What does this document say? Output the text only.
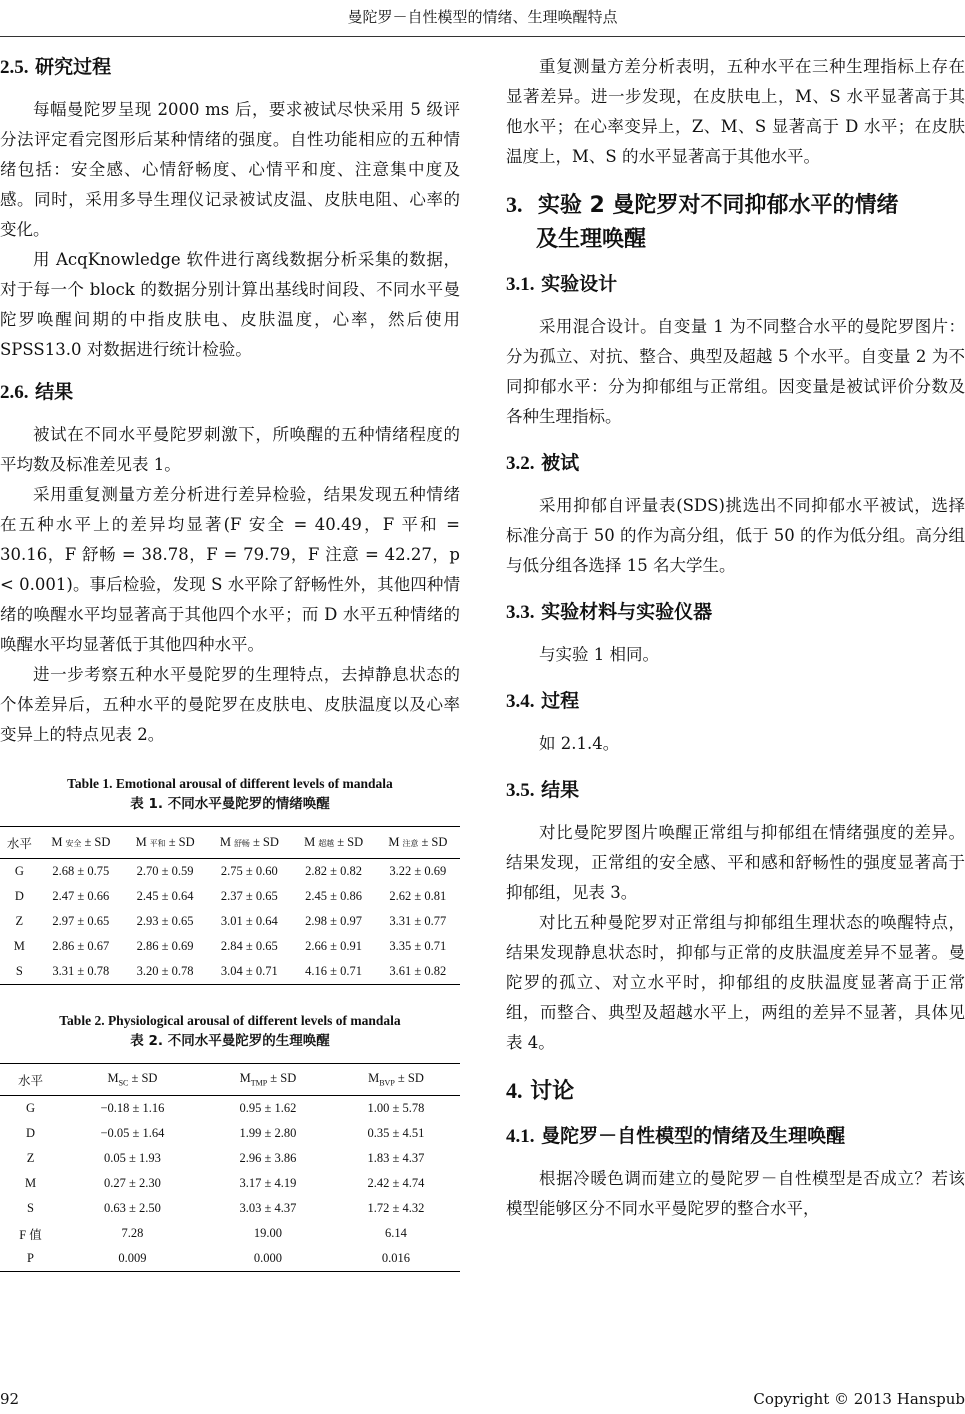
曼陀罗－自性模型的情绪、生理唤醒特点
2.5. 研究过程

每幅曼陀罗呈现 2000 ms 后，要求被试尽快采用 5 级评分法评定看完图形后某种情绪的强度。自性功能相应的五种情绪包括：安全感、心情舒畅度、心情平和度、注意集中度及感。同时，采用多导生理仪记录被试皮温、皮肤电阻、心率的变化。

用 AcqKnowledge 软件进行离线数据分析采集的数据，对于每一个 block 的数据分别计算出基线时间段、不同水平曼陀罗唤醒间期的中指皮肤电、皮肤温度，心率，然后使用 SPSS13.0 对数据进行统计检验。

2.6. 结果

被试在不同水平曼陀罗刺激下，所唤醒的五种情绪程度的平均数及标准差见表 1。

采用重复测量方差分析进行差异检验，结果发现五种情绪在五种水平上的差异均显著(F 安全 = 40.49，F 平和 = 30.16，F 舒畅 = 38.78，F = 79.79，F 注意 = 42.27，p < 0.001)。事后检验，发现 S 水平除了舒畅性外，其他四种情绪的唤醒水平均显著高于其他四个水平；而 D 水平五种情绪的唤醒水平均显著低于其他四种水平。

进一步考察五种水平曼陀罗的生理特点，去掉静息状态的个体差异后，五种水平的曼陀罗在皮肤电、皮肤温度以及心率变异上的特点见表 2。

Table 1. Emotional arousal of different levels of mandala
表 1. 不同水平曼陀罗的情绪唤醒
水平	M 安全 ± SD	M 平和 ± SD	M 舒畅 ± SD	M 超越 ± SD	M 注意 ± SD
G	2.68 ± 0.75	2.70 ± 0.59	2.75 ± 0.60	2.82 ± 0.82	3.22 ± 0.69
D	2.47 ± 0.66	2.45 ± 0.64	2.37 ± 0.65	2.45 ± 0.86	2.62 ± 0.81
Z	2.97 ± 0.65	2.93 ± 0.65	3.01 ± 0.64	2.98 ± 0.97	3.31 ± 0.77
M	2.86 ± 0.67	2.86 ± 0.69	2.84 ± 0.65	2.66 ± 0.91	3.35 ± 0.71
S	3.31 ± 0.78	3.20 ± 0.78	3.04 ± 0.71	4.16 ± 0.71	3.61 ± 0.82
Table 2. Physiological arousal of different levels of mandala
表 2. 不同水平曼陀罗的生理唤醒
水平	$M_{SC}$ ± SD	$M_{TMP}$ ± SD	$M_{BVP}$ ± SD
G	−0.18 ± 1.16	0.95 ± 1.62	1.00 ± 5.78
D	−0.05 ± 1.64	1.99 ± 2.80	0.35 ± 4.51
Z	0.05 ± 1.93	2.96 ± 3.86	1.83 ± 4.37
M	0.27 ± 2.30	3.17 ± 4.19	2.42 ± 4.74
S	0.63 ± 2.50	3.03 ± 4.37	1.72 ± 4.32
F 值	7.28	19.00	6.14
P	0.009	0.000	0.016

重复测量方差分析表明，五种水平在三种生理指标上存在显著差异。进一步发现，在皮肤电上，M、S 水平显著高于其他水平；在心率变异上，Z、M、S 显著高于 D 水平；在皮肤温度上，M、S 的水平显著高于其他水平。

3. 实验 2 曼陀罗对不同抑郁水平的情绪
及生理唤醒
3.1. 实验设计

采用混合设计。自变量 1 为不同整合水平的曼陀罗图片：分为孤立、对抗、整合、典型及超越 5 个水平。自变量 2 为不同抑郁水平：分为抑郁组与正常组。因变量是被试评价分数及各种生理指标。

3.2. 被试

采用抑郁自评量表(SDS)挑选出不同抑郁水平被试，选择标准分高于 50 的作为高分组，低于 50 的作为低分组。高分组与低分组各选择 15 名大学生。

3.3. 实验材料与实验仪器

与实验 1 相同。

3.4. 过程

如 2.1.4。

3.5. 结果

对比曼陀罗图片唤醒正常组与抑郁组在情绪强度的差异。结果发现，正常组的安全感、平和感和舒畅性的强度显著高于抑郁组，见表 3。

对比五种曼陀罗对正常组与抑郁组生理状态的唤醒特点，结果发现静息状态时，抑郁与正常的皮肤温度差异不显著。曼陀罗的孤立、对立水平时，抑郁组的皮肤温度显著高于正常组，而整合、典型及超越水平上，两组的差异不显著，具体见表 4。

4. 讨论
4.1. 曼陀罗－自性模型的情绪及生理唤醒

根据冷暖色调而建立的曼陀罗－自性模型是否成立？若该模型能够区分不同水平曼陀罗的整合水平，

92	Copyright © 2013 Hanspub
